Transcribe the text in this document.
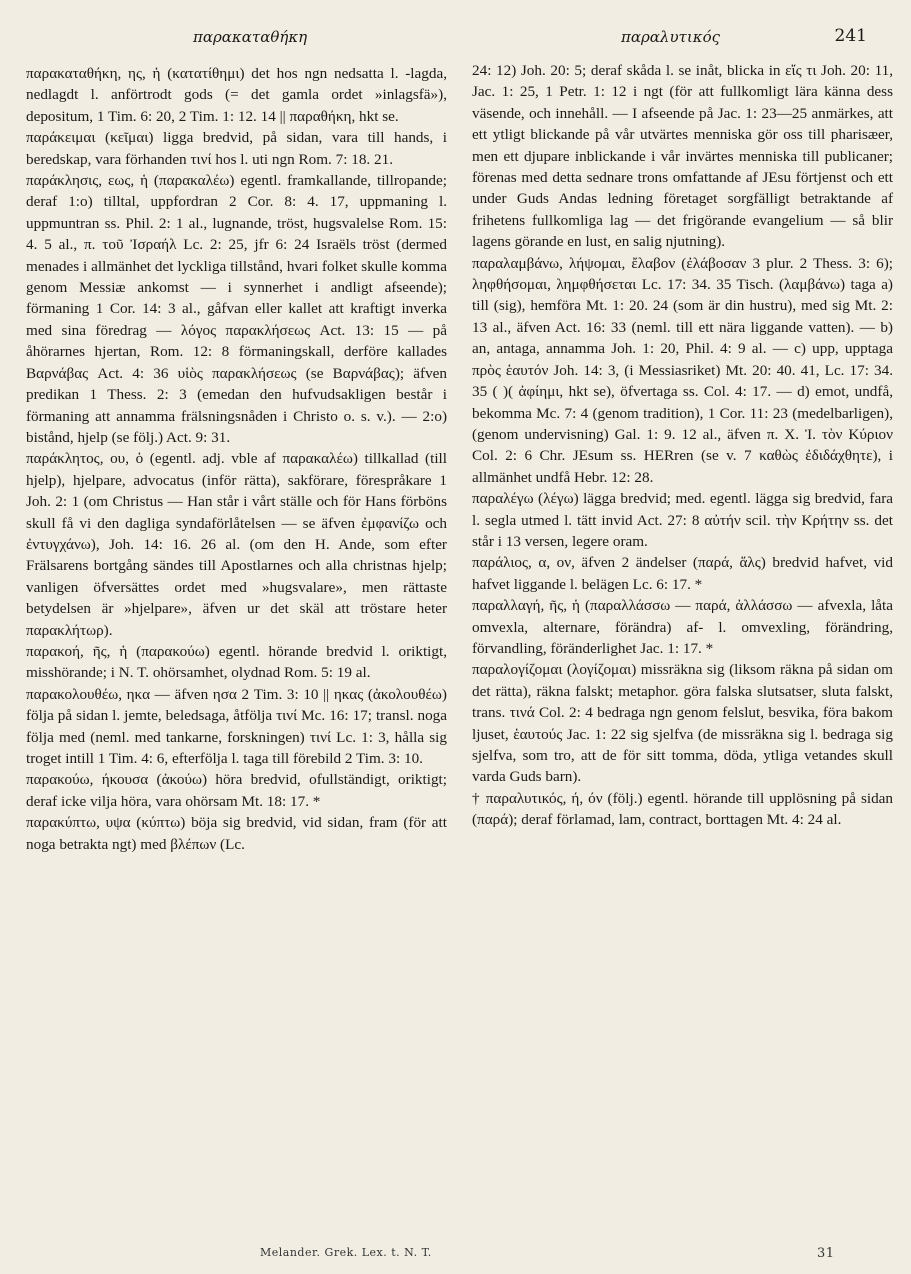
παρακαταθήκη	παραλυτικός	241

παρακαταθήκη, ης, ἡ (κατατίθημι) det hos ngn nedsatta l. -lagda, nedlagdt l. anförtrodt gods (= det gamla ordet »inlagsfä»), depositum, 1 Tim. 6: 20, 2 Tim. 1: 12. 14 || παραθήκη, hkt se.

παράκειμαι (κεῖμαι) ligga bredvid, på sidan, vara till hands, i beredskap, vara förhanden τινί hos l. uti ngn Rom. 7: 18. 21.

παράκλησις, εως, ἡ (παρακαλέω) egentl. framkallande, tillropande; deraf 1:o) tilltal, uppfordran 2 Cor. 8: 4. 17, uppmaning l. uppmuntran ss. Phil. 2: 1 al., lugnande, tröst, hugsvalelse Rom. 15: 4. 5 al., π. τοῦ Ἰσραήλ Lc. 2: 25, jfr 6: 24 Israëls tröst (dermed menades i allmänhet det lyckliga tillstånd, hvari folket skulle komma genom Messiæ ankomst — i synnerhet i andligt afseende); förmaning 1 Cor. 14: 3 al., gåfvan eller kallet att kraftigt inverka med sina föredrag — λόγος παρακλήσεως Act. 13: 15 — på åhörarnes hjertan, Rom. 12: 8 förmaningskall, derföre kallades Βαρνάβας Act. 4: 36 υἱὸς παρακλήσεως (se Βαρνάβας); äfven predikan 1 Thess. 2: 3 (emedan den hufvudsakligen består i förmaning att annamma frälsningsnåden i Christo o. s. v.). — 2:o) bistånd, hjelp (se följ.) Act. 9: 31.

παράκλητος, ου, ὁ (egentl. adj. vble af παρακαλέω) tillkallad (till hjelp), hjelpare, advocatus (inför rätta), sakförare, förespråkare 1 Joh. 2: 1 (om Christus — Han står i vårt ställe och för Hans förböns skull få vi den dagliga syndaförlåtelsen — se äfven ἐμφανίζω och ἐντυγχάνω), Joh. 14: 16. 26 al. (om den H. Ande, som efter Frälsarens bortgång sändes till Apostlarnes och alla christnas hjelp; vanligen öfversättes ordet med »hugsvalare», men rättaste betydelsen är »hjelpare», äfven ur det skäl att tröstare heter παρακλήτωρ).

παρακοή, ῆς, ἡ (παρακούω) egentl. hörande bredvid l. oriktigt, misshörande; i N. T. ohörsamhet, olydnad Rom. 5: 19 al.

παρακολουθέω, ηκα — äfven ησα 2 Tim. 3: 10 || ηκας (ἀκολουθέω) följa på sidan l. jemte, beledsaga, åtfölja τινί Mc. 16: 17; transl. noga följa med (neml. med tankarne, forskningen) τινί Lc. 1: 3, hålla sig troget intill 1 Tim. 4: 6, efterfölja l. taga till förebild 2 Tim. 3: 10.

παρακούω, ήκουσα (ἀκούω) höra bredvid, ofullständigt, oriktigt; deraf icke vilja höra, vara ohörsam Mt. 18: 17. *

παρακύπτω, υψα (κύπτω) böja sig bredvid, vid sidan, fram (för att noga betrakta ngt) med βλέπων (Lc.

24: 12) Joh. 20: 5; deraf skåda l. se inåt, blicka in εἴς τι Joh. 20: 11, Jac. 1: 25, 1 Petr. 1: 12 i ngt (för att fullkomligt lära känna dess väsende, och innehåll. — I afseende på Jac. 1: 23—25 anmärkes, att ett ytligt blickande på vår utvärtes menniska gör oss till pharisæer, men ett djupare inblickande i vår invärtes menniska till publicaner; förenas med detta sednare trons omfattande af JEsu förtjenst och ett under Guds Andas ledning företaget sorgfälligt betraktande af frihetens fullkomliga lag — det frigörande evangelium — så blir lagens görande en lust, en salig njutning).

παραλαμβάνω, λήψομαι, ἔλαβον (ἐλάβοσαν 3 plur. 2 Thess. 3: 6); ληφθήσομαι, λημφθήσεται Lc. 17: 34. 35 Tisch. (λαμβάνω) taga a) till (sig), hemföra Mt. 1: 20. 24 (som är din hustru), med sig Mt. 2: 13 al., äfven Act. 16: 33 (neml. till ett nära liggande vatten). — b) an, antaga, annamma Joh. 1: 20, Phil. 4: 9 al. — c) upp, upptaga πρὸς ἑαυτόν Joh. 14: 3, (i Messiasriket) Mt. 20: 40. 41, Lc. 17: 34. 35 ( )( ἀφίημι, hkt se), öfvertaga ss. Col. 4: 17. — d) emot, undfå, bekomma Mc. 7: 4 (genom tradition), 1 Cor. 11: 23 (medelbarligen), (genom undervisning) Gal. 1: 9. 12 al., äfven π. X. Ἰ. τὸν Κύριον Col. 2: 6 Chr. JEsum ss. HERren (se v. 7 καθὼς ἐδιδάχθητε), i allmänhet undfå Hebr. 12: 28.

παραλέγω (λέγω) lägga bredvid; med. egentl. lägga sig bredvid, fara l. segla utmed l. tätt invid Act. 27: 8 αὐτήν scil. τὴν Κρήτην ss. det står i 13 versen, legere oram.

παράλιος, α, ον, äfven 2 ändelser (παρά, ἅλς) bredvid hafvet, vid hafvet liggande l. belägen Lc. 6: 17. *

παραλλαγή, ῆς, ἡ (παραλλάσσω — παρά, ἀλλάσσω — afvexla, låta omvexla, alternare, förändra) af- l. omvexling, förändring, förvandling, föränderlighet Jac. 1: 17. *

παραλογίζομαι (λογίζομαι) missräkna sig (liksom räkna på sidan om det rätta), räkna falskt; metaphor. göra falska slutsatser, sluta falskt, trans. τινά Col. 2: 4 bedraga ngn genom felslut, besvika, föra bakom ljuset, ἑαυτούς Jac. 1: 22 sig sjelfva (de missräkna sig l. bedraga sig sjelfva, som tro, att de för sitt tomma, döda, ytliga vetandes skull varda Guds barn).

† παραλυτικός, ή, όν (följ.) egentl. hörande till upplösning på sidan (παρά); deraf förlamad, lam, contract, borttagen Mt. 4: 24 al.

Melander. Grek. Lex. t. N. T.	31
